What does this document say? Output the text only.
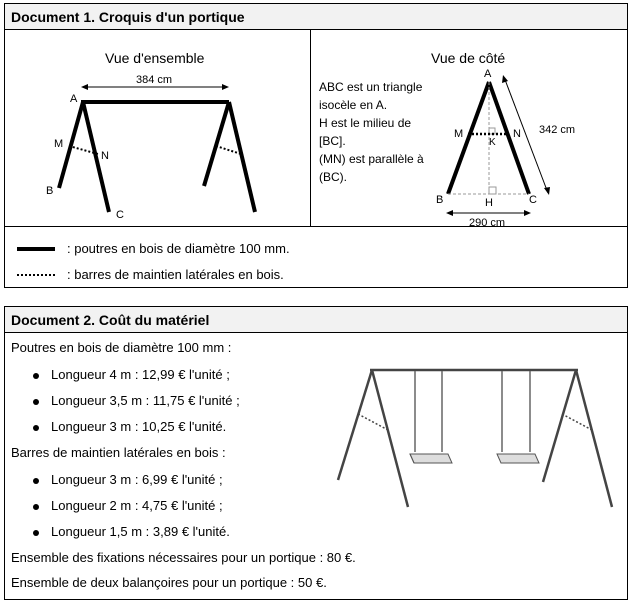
Document 1. Croquis d'un portique
Vue d'ensemble
384 cm
A
M
N
B
C
Vue de côté
ABC est un triangle
isocèle en A.
H est le milieu de
[BC].
(MN) est parallèle à
(BC).
A
M	N
K
B	H	C
342 cm
290 cm
: poutres en bois de diamètre 100 mm.
: barres de maintien latérales en bois.
Document 2. Coût du matériel
Poutres en bois de diamètre 100 mm :
Longueur 4 m : 12,99 € l'unité ;
Longueur 3,5 m : 11,75 € l'unité ;
Longueur 3 m : 10,25 € l'unité.
Barres de maintien latérales en bois :
Longueur 3 m : 6,99 € l'unité ;
Longueur 2 m : 4,75 € l'unité ;
Longueur 1,5 m : 3,89 € l'unité.
Ensemble des fixations nécessaires pour un portique : 80 €.
Ensemble de deux balançoires pour un portique : 50 €.
